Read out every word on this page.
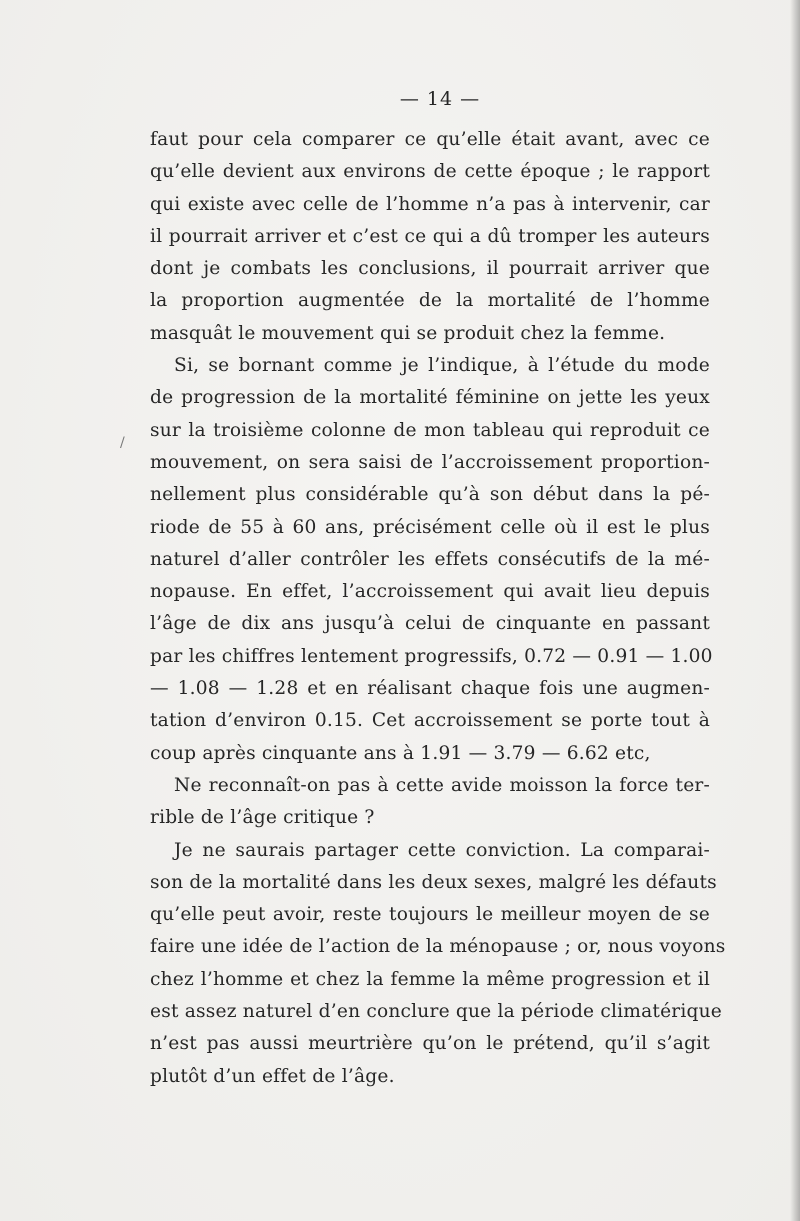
— 14 —
/
faut pour cela comparer ce qu’elle était avant, avec ce
qu’elle devient aux environs de cette époque ; le rapport
qui existe avec celle de l’homme n’a pas à intervenir, car
il pourrait arriver et c’est ce qui a dû tromper les auteurs
dont je combats les conclusions, il pourrait arriver que
la proportion augmentée de la mortalité de l’homme
masquât le mouvement qui se produit chez la femme.
Si, se bornant comme je l’indique, à l’étude du mode
de progression de la mortalité féminine on jette les yeux
sur la troisième colonne de mon tableau qui reproduit ce
mouvement, on sera saisi de l’accroissement proportion-
nellement plus considérable qu’à son début dans la pé-
riode de 55 à 60 ans, précisément celle où il est le plus
naturel d’aller contrôler les effets consécutifs de la mé-
nopause. En effet, l’accroissement qui avait lieu depuis
l’âge de dix ans jusqu’à celui de cinquante en passant
par les chiffres lentement progressifs, 0.72 — 0.91 — 1.00
— 1.08 — 1.28 et en réalisant chaque fois une augmen-
tation d’environ 0.15. Cet accroissement se porte tout à
coup après cinquante ans à 1.91 — 3.79 — 6.62 etc,
Ne reconnaît-on pas à cette avide moisson la force ter-
rible de l’âge critique ?
Je ne saurais partager cette conviction. La comparai-
son de la mortalité dans les deux sexes, malgré les défauts
qu’elle peut avoir, reste toujours le meilleur moyen de se
faire une idée de l’action de la ménopause ; or, nous voyons
chez l’homme et chez la femme la même progression et il
est assez naturel d’en conclure que la période climatérique
n’est pas aussi meurtrière qu’on le prétend, qu’il s’agit
plutôt d’un effet de l’âge.
